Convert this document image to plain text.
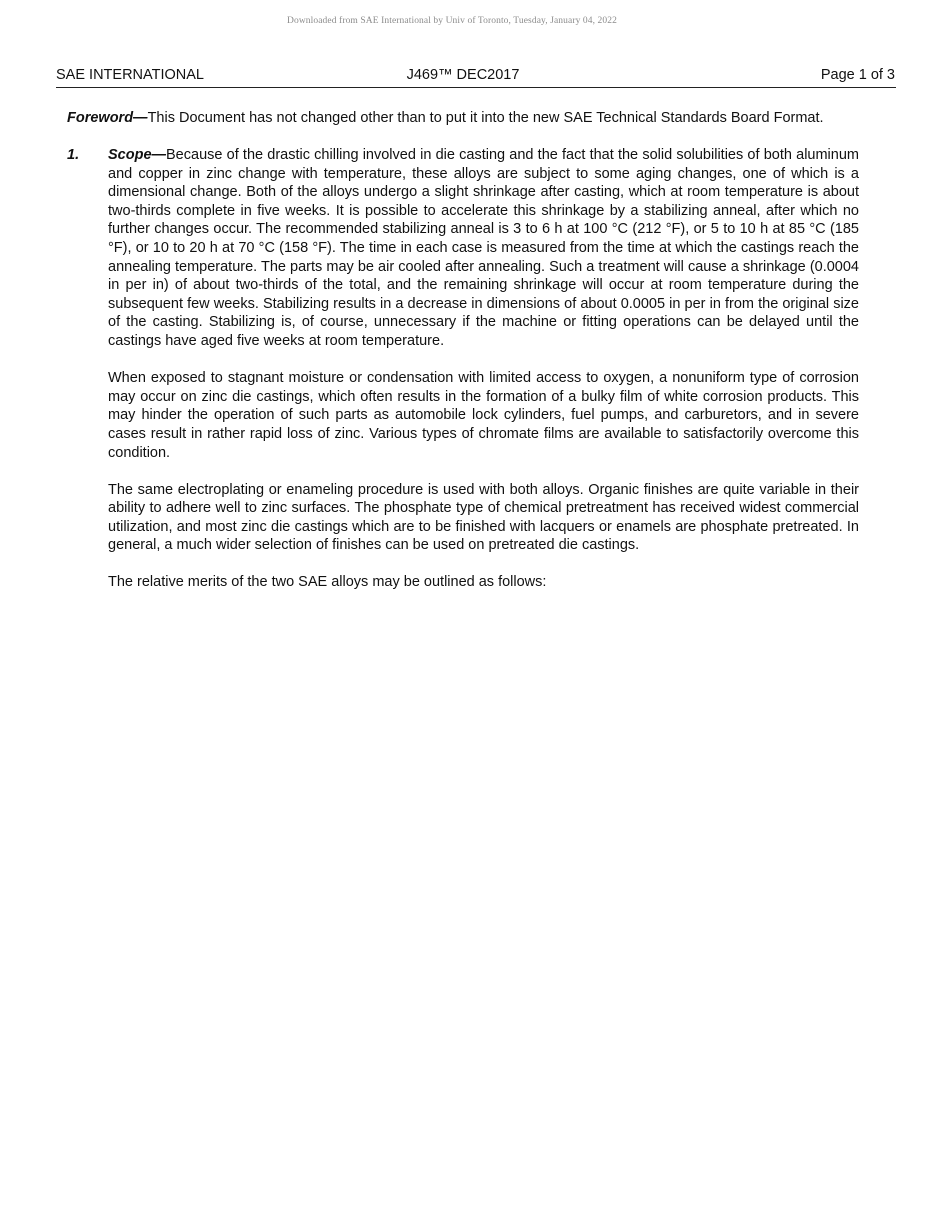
Downloaded from SAE International by Univ of Toronto, Tuesday, January 04, 2022
SAE INTERNATIONAL	J469™ DEC2017	Page 1 of 3

Foreword—This Document has not changed other than to put it into the new SAE Technical Standards Board Format.

1. Scope—Because of the drastic chilling involved in die casting and the fact that the solid solubilities of both aluminum and copper in zinc change with temperature, these alloys are subject to some aging changes, one of which is a dimensional change. Both of the alloys undergo a slight shrinkage after casting, which at room temperature is about two-thirds complete in five weeks. It is possible to accelerate this shrinkage by a stabilizing anneal, after which no further changes occur. The recommended stabilizing anneal is 3 to 6 h at 100 °C (212 °F), or 5 to 10 h at 85 °C (185 °F), or 10 to 20 h at 70 °C (158 °F). The time in each case is measured from the time at which the castings reach the annealing temperature. The parts may be air cooled after annealing. Such a treatment will cause a shrinkage (0.0004 in per in) of about two-thirds of the total, and the remaining shrinkage will occur at room temperature during the subsequent few weeks. Stabilizing results in a decrease in dimensions of about 0.0005 in per in from the original size of the casting. Stabilizing is, of course, unnecessary if the machine or fitting operations can be delayed until the castings have aged five weeks at room temperature.

When exposed to stagnant moisture or condensation with limited access to oxygen, a nonuniform type of corrosion may occur on zinc die castings, which often results in the formation of a bulky film of white corrosion products. This may hinder the operation of such parts as automobile lock cylinders, fuel pumps, and carburetors, and in severe cases result in rather rapid loss of zinc. Various types of chromate films are available to satisfactorily overcome this condition.

The same electroplating or enameling procedure is used with both alloys. Organic finishes are quite variable in their ability to adhere well to zinc surfaces. The phosphate type of chemical pretreatment has received widest commercial utilization, and most zinc die castings which are to be finished with lacquers or enamels are phosphate pretreated. In general, a much wider selection of finishes can be used on pretreated die castings.

The relative merits of the two SAE alloys may be outlined as follows:
